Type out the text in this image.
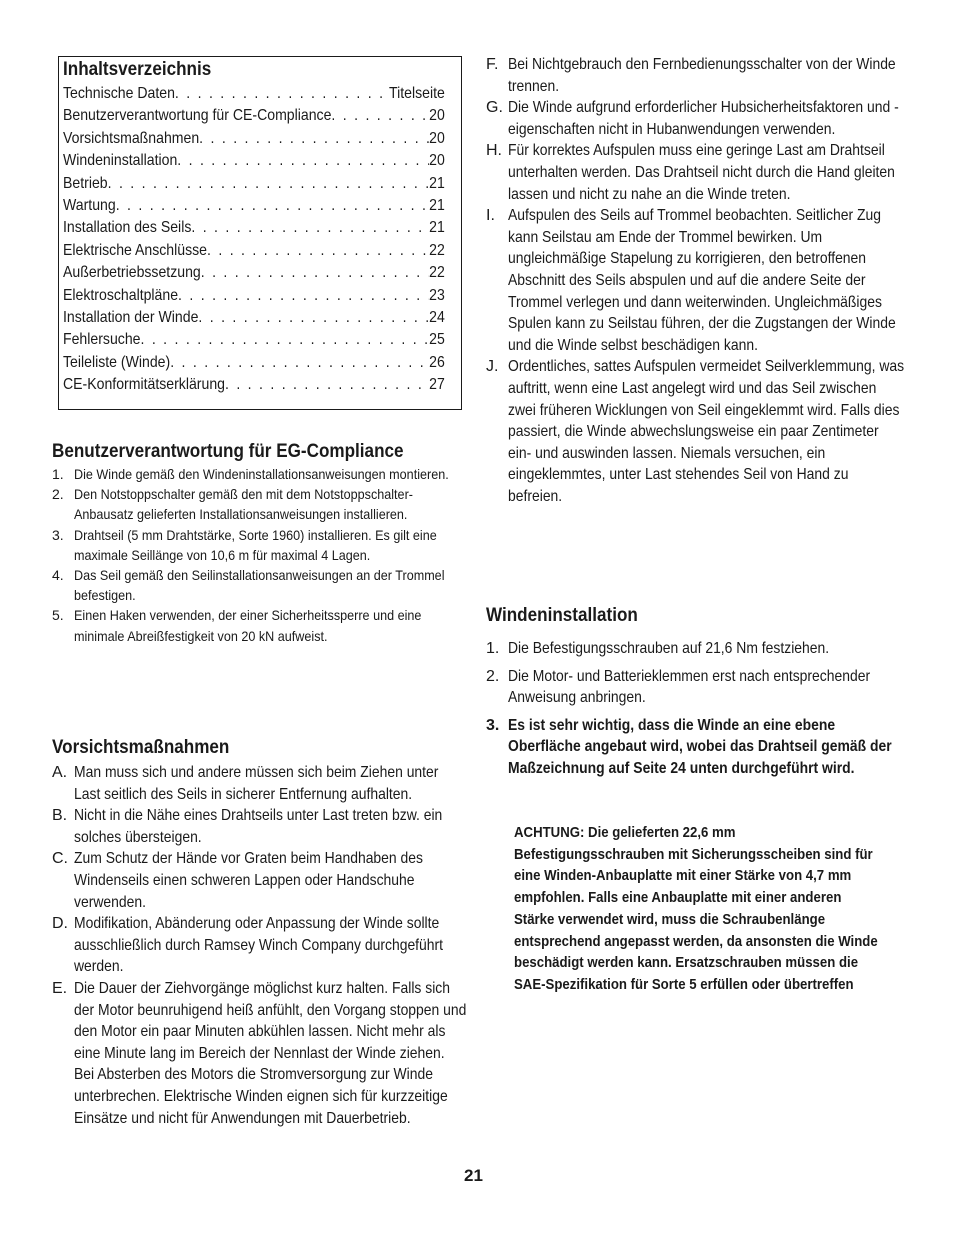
Inhaltsverzeichnis
Technische Daten . . .	Titelseite
Benutzerverantwortung für CE-Compliance . . .	20
Vorsichtsmaßnahmen . . .	20
Windeninstallation . . .	20
Betrieb . . .	21
Wartung . . .	21
Installation des Seils . . .	21
Elektrische Anschlüsse . . .	22
Außerbetriebssetzung . . .	22
Elektroschaltpläne . . .	23
Installation der Winde . . .	24
Fehlersuche . . .	25
Teileliste (Winde) . . .	26
CE-Konformitätserklärung . . .	27
Benutzerverantwortung für EG-Compliance
1. Die Winde gemäß den Windeninstallationsanweisungen montieren.
2. Den Notstoppschalter gemäß den mit dem Notstoppschalter-Anbausatz gelieferten Installationsanweisungen installieren.
3. Drahtseil (5 mm Drahtstärke, Sorte 1960) installieren. Es gilt eine maximale Seillänge von 10,6 m für maximal 4 Lagen.
4. Das Seil gemäß den Seilinstallationsanweisungen an der Trommel befestigen.
5. Einen Haken verwenden, der einer Sicherheitssperre und eine minimale Abreißfestigkeit von 20 kN aufweist.
Vorsichtsmaßnahmen
A. Man muss sich und andere müssen sich beim Ziehen unter Last seitlich des Seils in sicherer Entfernung aufhalten.
B. Nicht in die Nähe eines Drahtseils unter Last treten bzw. ein solches übersteigen.
C. Zum Schutz der Hände vor Graten beim Handhaben des Windenseils einen schweren Lappen oder Handschuhe verwenden.
D. Modifikation, Abänderung oder Anpassung der Winde sollte ausschließlich durch Ramsey Winch Company durchgeführt werden.
E. Die Dauer der Ziehvorgänge möglichst kurz halten. Falls sich der Motor beunruhigend heiß anfühlt, den Vorgang stoppen und den Motor ein paar Minuten abkühlen lassen. Nicht mehr als eine Minute lang im Bereich der Nennlast der Winde ziehen. Bei Absterben des Motors die Stromversorgung zur Winde unterbrechen. Elektrische Winden eignen sich für kurzzeitige Einsätze und nicht für Anwendungen mit Dauerbetrieb.
F. Bei Nichtgebrauch den Fernbedienungsschalter von der Winde trennen.
G. Die Winde aufgrund erforderlicher Hubsicherheitsfaktoren und -eigenschaften nicht in Hubanwendungen verwenden.
H. Für korrektes Aufspulen muss eine geringe Last am Drahtseil unterhalten werden. Das Drahtseil nicht durch die Hand gleiten lassen und nicht zu nahe an die Winde treten.
I. Aufspulen des Seils auf Trommel beobachten. Seitlicher Zug kann Seilstau am Ende der Trommel bewirken. Um ungleichmäßige Stapelung zu korrigieren, den betroffenen Abschnitt des Seils abspulen und auf die andere Seite der Trommel verlegen und dann weiterwinden. Ungleichmäßiges Spulen kann zu Seilstau führen, der die Zugstangen der Winde und die Winde selbst beschädigen kann.
J. Ordentliches, sattes Aufspulen vermeidet Seilverklemmung, was auftritt, wenn eine Last angelegt wird und das Seil zwischen zwei früheren Wicklungen von Seil eingeklemmt wird. Falls dies passiert, die Winde abwechslungsweise ein paar Zentimeter ein- und auswinden lassen. Niemals versuchen, ein eingeklemmtes, unter Last stehendes Seil von Hand zu befreien.
Windeninstallation
1. Die Befestigungsschrauben auf 21,6 Nm festziehen.
2. Die Motor- und Batterieklemmen erst nach entsprechender Anweisung anbringen.
3. Es ist sehr wichtig, dass die Winde an eine ebene Oberfläche angebaut wird, wobei das Drahtseil gemäß der Maßzeichnung auf Seite 24 unten durchgeführt wird.
ACHTUNG: Die gelieferten 22,6 mm Befestigungsschrauben mit Sicherungsscheiben sind für eine Winden-Anbauplatte mit einer Stärke von 4,7 mm empfohlen. Falls eine Anbauplatte mit einer anderen Stärke verwendet wird, muss die Schraubenlänge entsprechend angepasst werden, da ansonsten die Winde beschädigt werden kann. Ersatzschrauben müssen die SAE-Spezifikation für Sorte 5 erfüllen oder übertreffen
21
